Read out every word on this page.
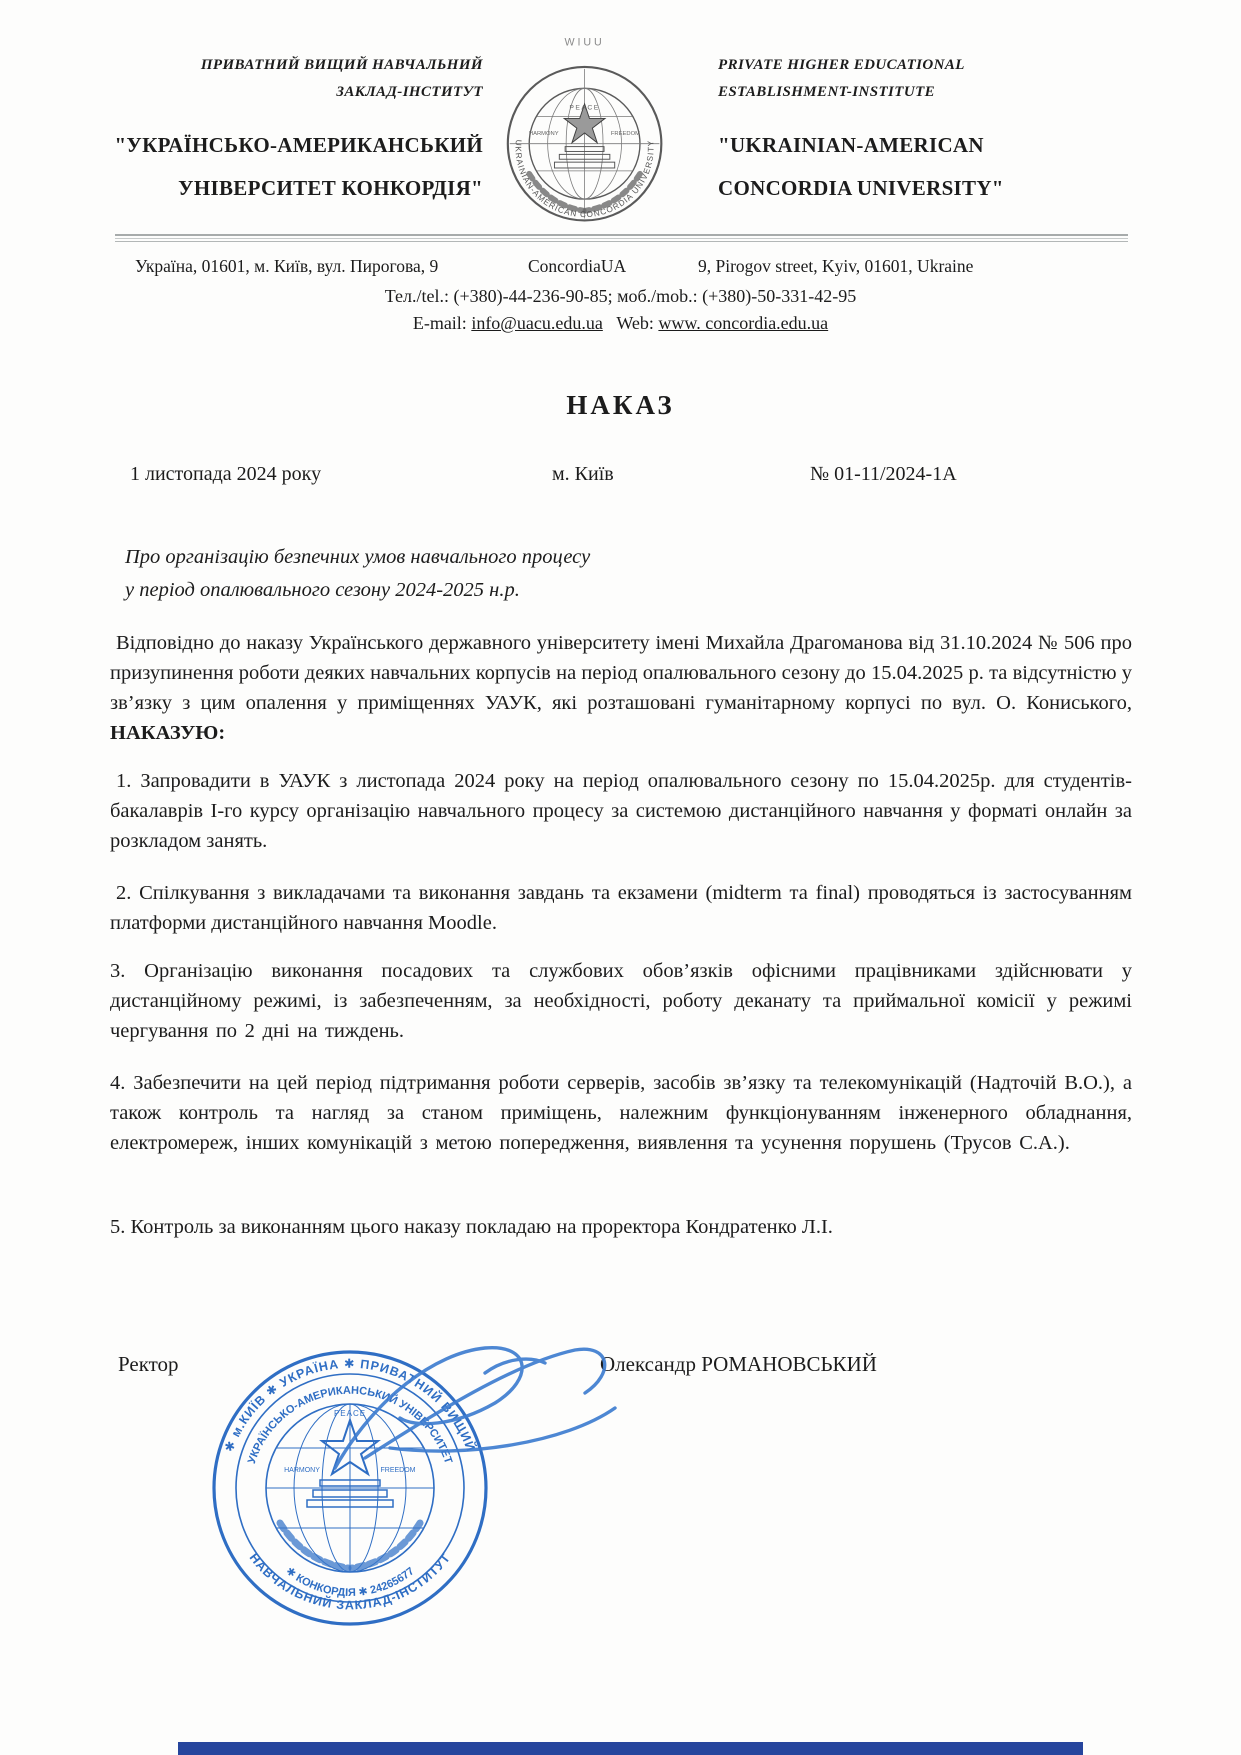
ПРИВАТНИЙ ВИЩИЙ НАВЧАЛЬНИЙ
ЗАКЛАД-ІНСТИТУТ
"УКРАЇНСЬКО-АМЕРИКАНСЬКИЙ
УНІВЕРСИТЕТ КОНКОРДІЯ"
WIUU
PEACE
HARMONY	FREEDOM
UKRAINIAN-AMERICAN CONCORDIA UNIVERSITY
PRIVATE HIGHER EDUCATIONAL
ESTABLISHMENT-INSTITUTE
"UKRAINIAN-AMERICAN
CONCORDIA UNIVERSITY"
Україна, 01601, м. Київ, вул. Пирогова, 9	ConcordiaUA	9, Pirogov street, Kyiv, 01601, Ukraine
Тел./tel.: (+380)-44-236-90-85; моб./mob.: (+380)-50-331-42-95
E-mail: info@uacu.edu.ua Web: www. concordia.edu.ua
НАКАЗ
1 листопада 2024 року	м. Київ	№ 01-11/2024-1А
Про організацію безпечних умов навчального процесу
у період опалювального сезону 2024-2025 н.р.
Відповідно до наказу Українського державного університету імені Михайла Драгоманова від 31.10.2024 № 506 про призупинення роботи деяких навчальних корпусів на період опалювального сезону до 15.04.2025 р. та відсутністю у зв’язку з цим опалення у приміщеннях УАУК, які розташовані гуманітарному корпусі по вул. О. Кониського, НАКАЗУЮ:
1. Запровадити в УАУК з листопада 2024 року на період опалювального сезону по 15.04.2025р. для студентів-бакалаврів І-го курсу організацію навчального процесу за системою дистанційного навчання у форматі онлайн за розкладом занять.
2. Спілкування з викладачами та виконання завдань та екзамени (midterm та final) проводяться із застосуванням платформи дистанційного навчання Moodle.
3. Організацію виконання посадових та службових обов’язків офісними працівниками здійснювати у дистанційному режимі, із забезпеченням, за необхідності, роботу деканату та приймальної комісії у режимі чергування по 2 дні на тиждень.
4. Забезпечити на цей період підтримання роботи серверів, засобів зв’язку та телекомунікацій (Надточій В.О.), а також контроль та нагляд за станом приміщень, належним функціонуванням інженерного обладнання, електромереж, інших комунікацій з метою попередження, виявлення та усунення порушень (Трусов С.А.).
5. Контроль за виконанням цього наказу покладаю на проректора Кондратенко Л.І.
Ректор	Олександр РОМАНОВСЬКИЙ
PEACE
HARMONY	FREEDOM
✱ м.КИЇВ ✱ УКРАЇНА ✱ ПРИВАТНИЙ ВИЩИЙ
НАВЧАЛЬНИЙ ЗАКЛАД-ІНСТИТУТ
УКРАЇНСЬКО-АМЕРИКАНСЬКИЙ УНІВЕРСИТЕТ
✱ КОНКОРДІЯ ✱ 24265677
